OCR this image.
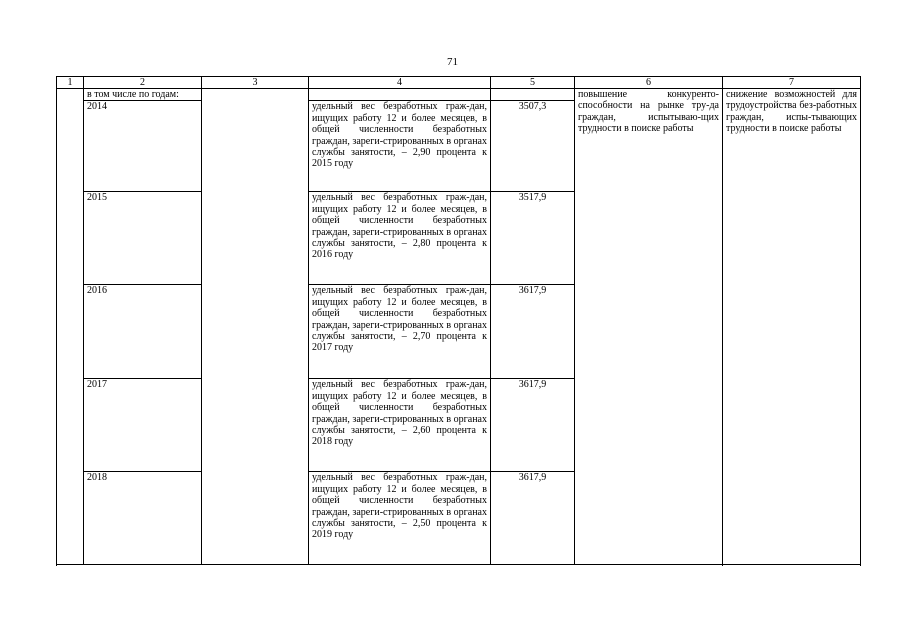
71
1	2	3	4	5	6	7
	в том числе по годам:				повышение конкуренто-способности на рынке тру-да граждан, испытываю-щих трудности в поиске работы	снижение возможностей для трудоустройства без-работных граждан, испы-тывающих трудности в поиске работы
	2014		удельный вес безработных граж-дан, ищущих работу 12 и более месяцев, в общей численности безработных граждан, зареги-стрированных в органах службы занятости, – 2,90 процента к 2015 году	3507,3		
	2015		удельный вес безработных граж-дан, ищущих работу 12 и более месяцев, в общей численности безработных граждан, зареги-стрированных в органах службы занятости, – 2,80 процента к 2016 году	3517,9		
	2016		удельный вес безработных граж-дан, ищущих работу 12 и более месяцев, в общей численности безработных граждан, зареги-стрированных в органах службы занятости, – 2,70 процента к 2017 году	3617,9		
	2017		удельный вес безработных граж-дан, ищущих работу 12 и более месяцев, в общей численности безработных граждан, зареги-стрированных в органах службы занятости, – 2,60 процента к 2018 году	3617,9		
	2018		удельный вес безработных граж-дан, ищущих работу 12 и более месяцев, в общей численности безработных граждан, зареги-стрированных в органах службы занятости, – 2,50 процента к 2019 году	3617,9		
